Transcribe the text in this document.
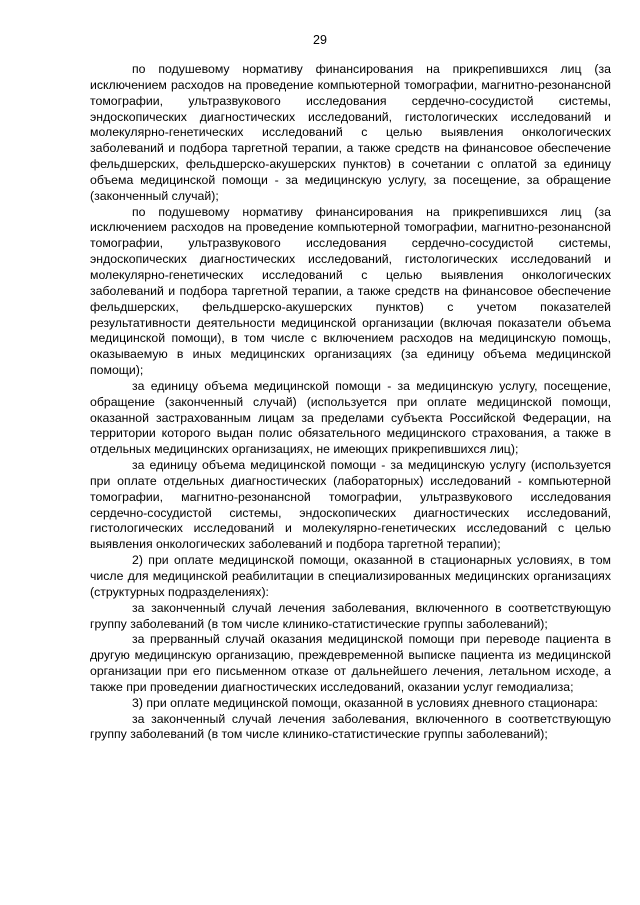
29

по подушевому нормативу финансирования на прикрепившихся лиц (за исключением расходов на проведение компьютерной томографии, магнитно-резонансной томографии, ультразвукового исследования сердечно-сосудистой системы, эндоскопических диагностических исследований, гистологических исследований и молекулярно-генетических исследований с целью выявления онкологических заболеваний и подбора таргетной терапии, а также средств на финансовое обеспечение фельдшерских, фельдшерско-акушерских пунктов) в сочетании с оплатой за единицу объема медицинской помощи - за медицинскую услугу, за посещение, за обращение (законченный случай);

по подушевому нормативу финансирования на прикрепившихся лиц (за исключением расходов на проведение компьютерной томографии, магнитно-резонансной томографии, ультразвукового исследования сердечно-сосудистой системы, эндоскопических диагностических исследований, гистологических исследований и молекулярно-генетических исследований с целью выявления онкологических заболеваний и подбора таргетной терапии, а также средств на финансовое обеспечение фельдшерских, фельдшерско-акушерских пунктов) с учетом показателей результативности деятельности медицинской организации (включая показатели объема медицинской помощи), в том числе с включением расходов на медицинскую помощь, оказываемую в иных медицинских организациях (за единицу объема медицинской помощи);

за единицу объема медицинской помощи - за медицинскую услугу, посещение, обращение (законченный случай) (используется при оплате медицинской помощи, оказанной застрахованным лицам за пределами субъекта Российской Федерации, на территории которого выдан полис обязательного медицинского страхования, а также в отдельных медицинских организациях, не имеющих прикрепившихся лиц);

за единицу объема медицинской помощи - за медицинскую услугу (используется при оплате отдельных диагностических (лабораторных) исследований - компьютерной томографии, магнитно-резонансной томографии, ультразвукового исследования сердечно-сосудистой системы, эндоскопических диагностических исследований, гистологических исследований и молекулярно-генетических исследований с целью выявления онкологических заболеваний и подбора таргетной терапии);

2) при оплате медицинской помощи, оказанной в стационарных условиях, в том числе для медицинской реабилитации в специализированных медицинских организациях (структурных подразделениях):

за законченный случай лечения заболевания, включенного в соответствующую группу заболеваний (в том числе клинико-статистические группы заболеваний);

за прерванный случай оказания медицинской помощи при переводе пациента в другую медицинскую организацию, преждевременной выписке пациента из медицинской организации при его письменном отказе от дальнейшего лечения, летальном исходе, а также при проведении диагностических исследований, оказании услуг гемодиализа;

3) при оплате медицинской помощи, оказанной в условиях дневного стационара:

за законченный случай лечения заболевания, включенного в соответствующую группу заболеваний (в том числе клинико-статистические группы заболеваний);
